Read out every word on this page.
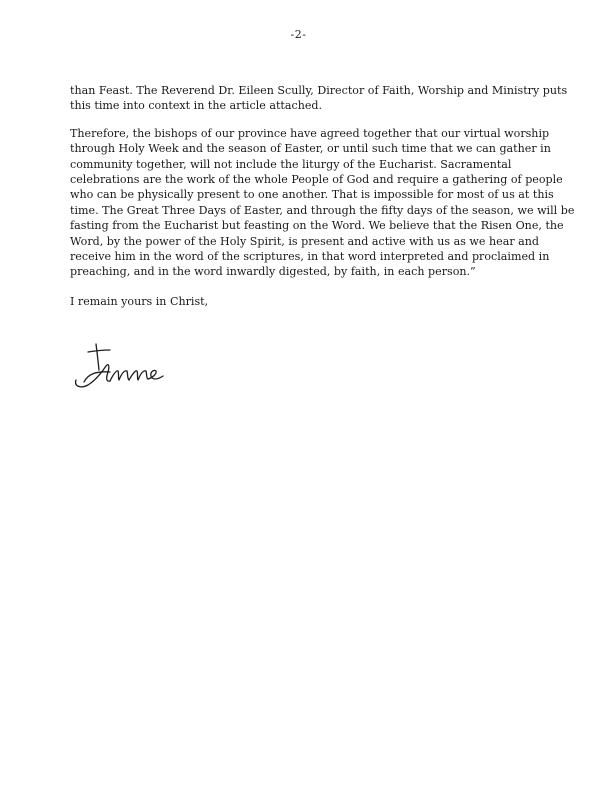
-2-

than Feast. The Reverend Dr. Eileen Scully, Director of Faith, Worship and Ministry puts
this time into context in the article attached.

Therefore, the bishops of our province have agreed together that our virtual worship
through Holy Week and the season of Easter, or until such time that we can gather in
community together, will not include the liturgy of the Eucharist. Sacramental
celebrations are the work of the whole People of God and require a gathering of people
who can be physically present to one another. That is impossible for most of us at this
time. The Great Three Days of Easter, and through the fifty days of the season, we will be
fasting from the Eucharist but feasting on the Word. We believe that the Risen One, the
Word, by the power of the Holy Spirit, is present and active with us as we hear and
receive him in the word of the scriptures, in that word interpreted and proclaimed in
preaching, and in the word inwardly digested, by faith, in each person.”

I remain yours in Christ,
